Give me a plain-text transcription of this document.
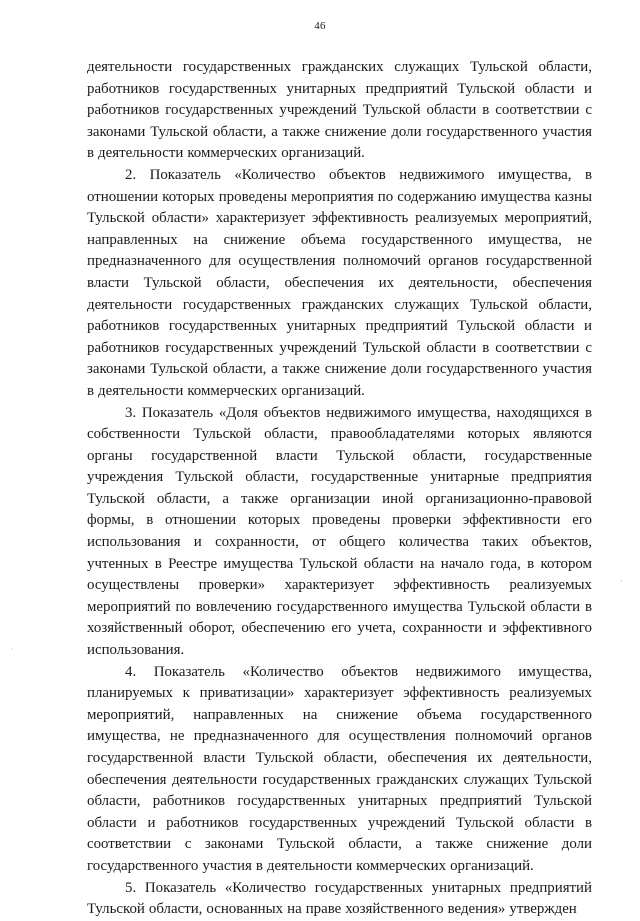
46

деятельности государственных гражданских служащих Тульской области, работников государственных унитарных предприятий Тульской области и работников государственных учреждений Тульской области в соответствии с законами Тульской области, а также снижение доли государственного участия в деятельности коммерческих организаций.

2. Показатель «Количество объектов недвижимого имущества, в отношении которых проведены мероприятия по содержанию имущества казны Тульской области» характеризует эффективность реализуемых мероприятий, направленных на снижение объема государственного имущества, не предназначенного для осуществления полномочий органов государственной власти Тульской области, обеспечения их деятельности, обеспечения деятельности государственных гражданских служащих Тульской области, работников государственных унитарных предприятий Тульской области и работников государственных учреждений Тульской области в соответствии с законами Тульской области, а также снижение доли государственного участия в деятельности коммерческих организаций.

3. Показатель «Доля объектов недвижимого имущества, находящихся в собственности Тульской области, правообладателями которых являются органы государственной власти Тульской области, государственные учреждения Тульской области, государственные унитарные предприятия Тульской области, а также организации иной организационно-правовой формы, в отношении которых проведены проверки эффективности его использования и сохранности, от общего количества таких объектов, учтенных в Реестре имущества Тульской области на начало года, в котором осуществлены проверки» характеризует эффективность реализуемых мероприятий по вовлечению государственного имущества Тульской области в хозяйственный оборот, обеспечению его учета, сохранности и эффективного использования.

4. Показатель «Количество объектов недвижимого имущества, планируемых к приватизации» характеризует эффективность реализуемых мероприятий, направленных на снижение объема государственного имущества, не предназначенного для осуществления полномочий органов государственной власти Тульской области, обеспечения их деятельности, обеспечения деятельности государственных гражданских служащих Тульской области, работников государственных унитарных предприятий Тульской области и работников государственных учреждений Тульской области в соответствии с законами Тульской области, а также снижение доли государственного участия в деятельности коммерческих организаций.

5. Показатель «Количество государственных унитарных предприятий Тульской области, основанных на праве хозяйственного ведения» утвержден

·
·
